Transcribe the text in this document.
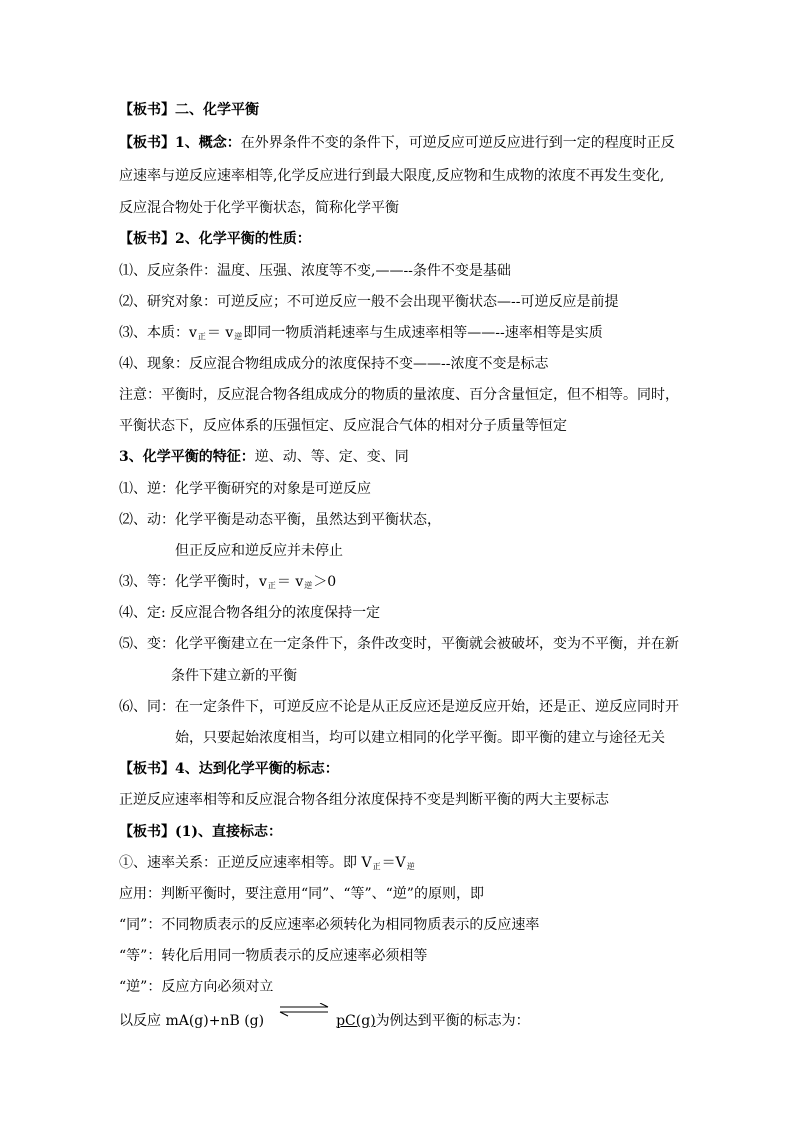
【板书】二、化学平衡
【板书】1、概念：在外界条件不变的条件下，可逆反应可逆反应进行到一定的程度时正反
应速率与逆反应速率相等,化学反应进行到最大限度,反应物和生成物的浓度不再发生变化,
反应混合物处于化学平衡状态，简称化学平衡
【板书】2、化学平衡的性质：
⑴、反应条件：温度、压强、浓度等不变,——--条件不变是基础
⑵、研究对象：可逆反应；不可逆反应一般不会出现平衡状态—--可逆反应是前提
⑶、本质：$v_正= v_逆$即同一物质消耗速率与生成速率相等——--速率相等是实质
⑷、现象：反应混合物组成成分的浓度保持不变——--浓度不变是标志
注意：平衡时，反应混合物各组成成分的物质的量浓度、百分含量恒定，但不相等。同时，
平衡状态下，反应体系的压强恒定、反应混合气体的相对分子质量等恒定
3、化学平衡的特征：逆、动、等、定、变、同
⑴、逆：化学平衡研究的对象是可逆反应
⑵、动：化学平衡是动态平衡，虽然达到平衡状态，
但正反应和逆反应并未停止
⑶、等：化学平衡时，$v_正= v_逆>0$
⑷、定: 反应混合物各组分的浓度保持一定
⑸、变：化学平衡建立在一定条件下，条件改变时，平衡就会被破坏，变为不平衡，并在新
条件下建立新的平衡
⑹、同：在一定条件下，可逆反应不论是从正反应还是逆反应开始，还是正、逆反应同时开
始，只要起始浓度相当，均可以建立相同的化学平衡。即平衡的建立与途径无关
【板书】4、达到化学平衡的标志：
正逆反应速率相等和反应混合物各组分浓度保持不变是判断平衡的两大主要标志
【板书】(1)、直接标志：
①、速率关系：正逆反应速率相等。即 $V_正=V_逆$
应用：判断平衡时，要注意用“同”、“等”、“逆”的原则，即
“同”：不同物质表示的反应速率必须转化为相同物质表示的反应速率
“等”：转化后用同一物质表示的反应速率必须相等
“逆”：反应方向必须对立
以反应 mA(g)+nB (g) ⇌ pC(g)为例达到平衡的标志为：
